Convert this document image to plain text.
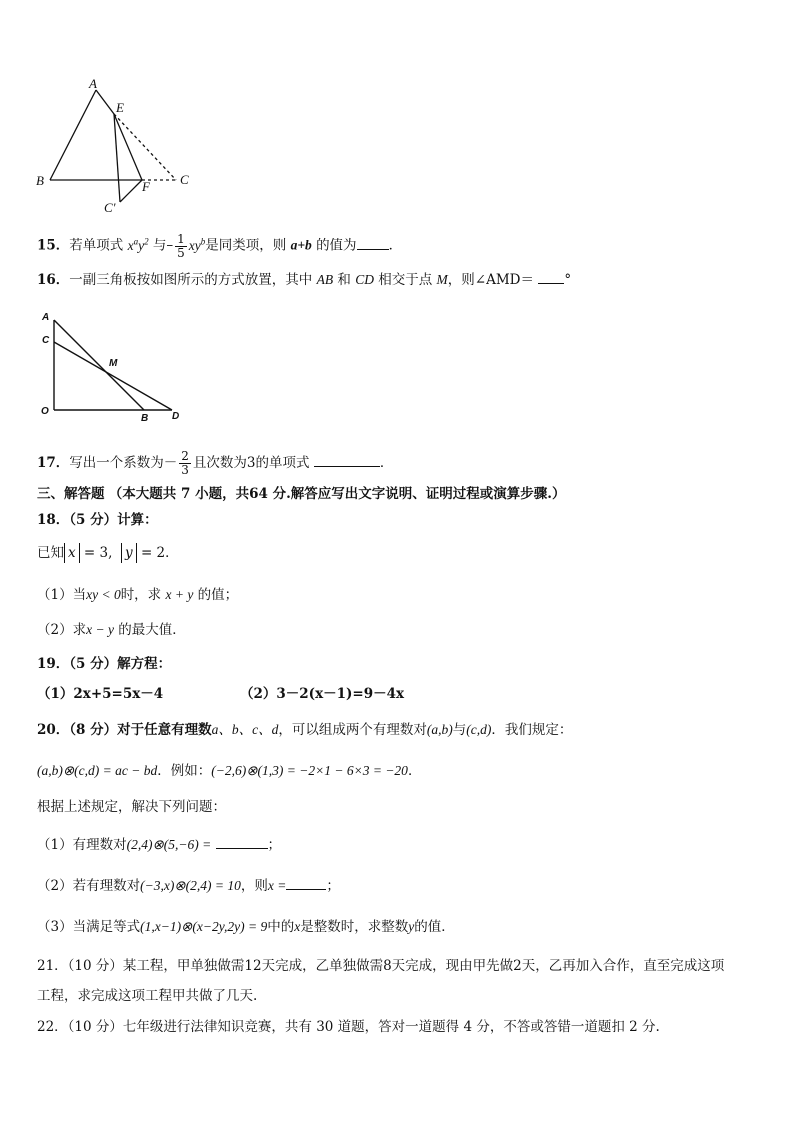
A
E
B	F C
C'
15．若单项式 $x^ay^2$ 与– $\frac{1}{5} xy^b$是同类项，则 a+b 的值为 ．
16．一副三角板按如图所示的方式放置，其中 AB 和 CD 相交于点 M，则∠AMD＝ °
A
C
M
O
B D
17．写出一个系数为－ $\frac{2}{3}$ 且次数为3的单项式	．
三、解答题 （本大题共 7 小题，共64 分.解答应写出文字说明、证明过程或演算步骤.）
18．（5 分）计算：
已知 x = 3, y = 2．
（1）当xy < 0时，求 x + y 的值；
（2）求x − y 的最大值．
19．（5 分）解方程：
（1）2x+5=5x－4	（2）3－2(x－1)=9－4x
20．（8 分）对于任意有理数a、b、c、d，可以组成两个有理数对(a,b)与(c,d)．我们规定：
(a,b)⊗(c,d) = ac − bd．例如：(−2,6)⊗(1,3) = −2×1 − 6×3 = −20．
根据上述规定，解决下列问题：
（1）有理数对(2,4)⊗(5,−6) =	；
（2）若有理数对(−3,x)⊗(2,4) = 10，则x =	；
（3）当满足等式(1,x−1)⊗(x−2y,2y) = 9中的x是整数时，求整数y的值．
21．（10 分）某工程，甲单独做需12天完成，乙单独做需8天完成，现由甲先做2天，乙再加入合作，直至完成这项
工程，求完成这项工程甲共做了几天.
22．（10 分）七年级进行法律知识竞赛，共有 30 道题，答对一道题得 4 分，不答或答错一道题扣 2 分.
